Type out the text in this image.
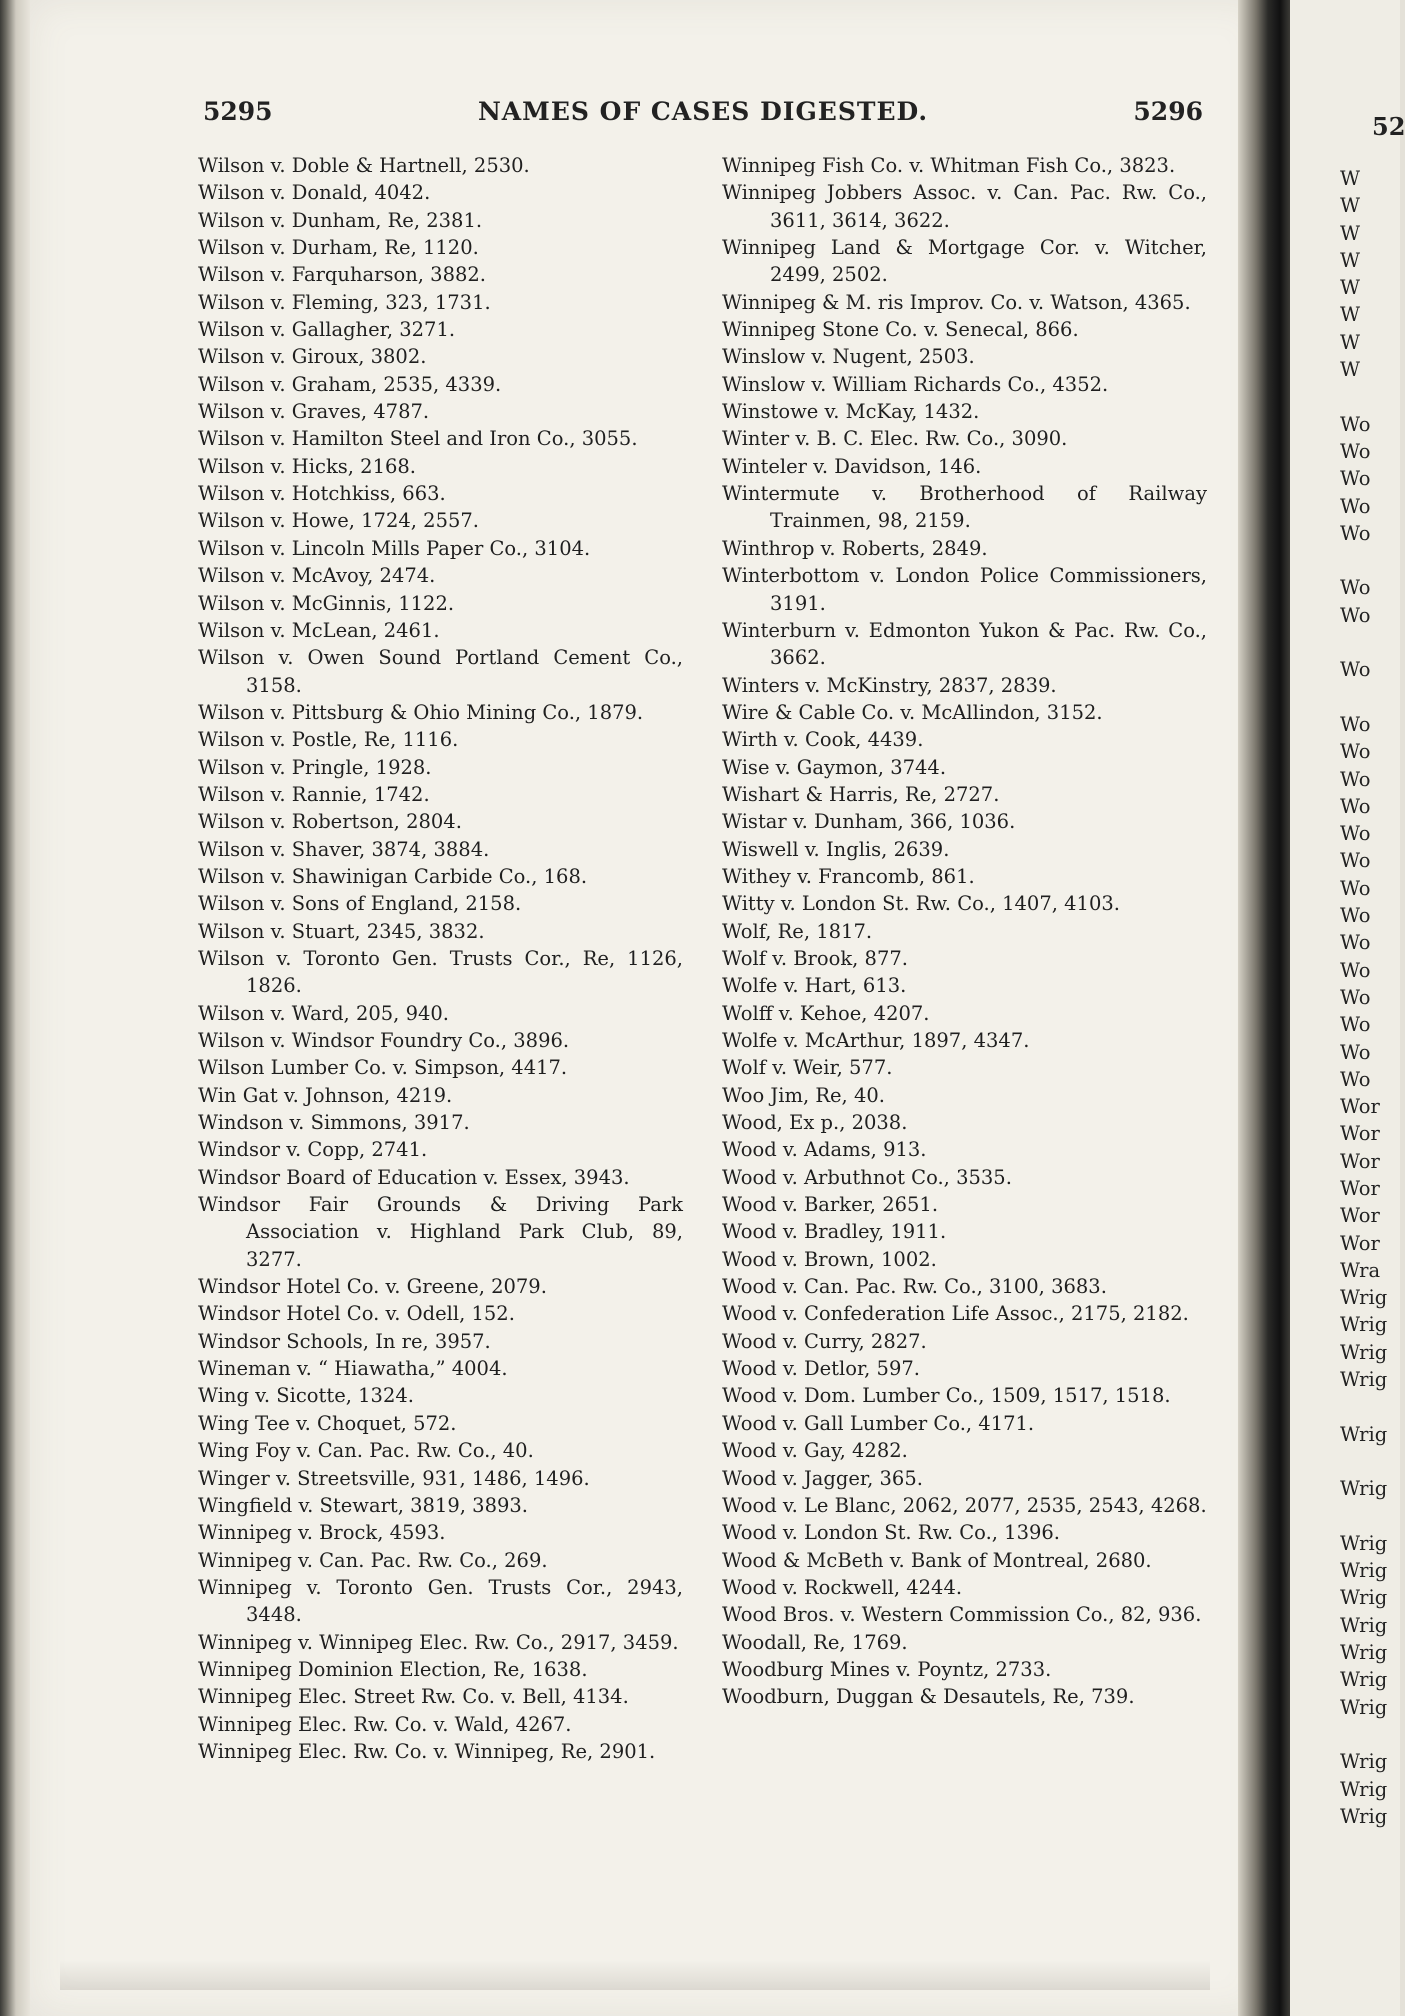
5295	NAMES OF CASES DIGESTED.	5296
Wilson v. Doble & Hartnell, 2530.
Wilson v. Donald, 4042.
Wilson v. Dunham, Re, 2381.
Wilson v. Durham, Re, 1120.
Wilson v. Farquharson, 3882.
Wilson v. Fleming, 323, 1731.
Wilson v. Gallagher, 3271.
Wilson v. Giroux, 3802.
Wilson v. Graham, 2535, 4339.
Wilson v. Graves, 4787.
Wilson v. Hamilton Steel and Iron Co., 3055.
Wilson v. Hicks, 2168.
Wilson v. Hotchkiss, 663.
Wilson v. Howe, 1724, 2557.
Wilson v. Lincoln Mills Paper Co., 3104.
Wilson v. McAvoy, 2474.
Wilson v. McGinnis, 1122.
Wilson v. McLean, 2461.
Wilson v. Owen Sound Portland Cement Co., 3158.
Wilson v. Pittsburg & Ohio Mining Co., 1879.
Wilson v. Postle, Re, 1116.
Wilson v. Pringle, 1928.
Wilson v. Rannie, 1742.
Wilson v. Robertson, 2804.
Wilson v. Shaver, 3874, 3884.
Wilson v. Shawinigan Carbide Co., 168.
Wilson v. Sons of England, 2158.
Wilson v. Stuart, 2345, 3832.
Wilson v. Toronto Gen. Trusts Cor., Re, 1126, 1826.
Wilson v. Ward, 205, 940.
Wilson v. Windsor Foundry Co., 3896.
Wilson Lumber Co. v. Simpson, 4417.
Win Gat v. Johnson, 4219.
Windson v. Simmons, 3917.
Windsor v. Copp, 2741.
Windsor Board of Education v. Essex, 3943.
Windsor Fair Grounds & Driving Park Association v. Highland Park Club, 89, 3277.
Windsor Hotel Co. v. Greene, 2079.
Windsor Hotel Co. v. Odell, 152.
Windsor Schools, In re, 3957.
Wineman v. “ Hiawatha,” 4004.
Wing v. Sicotte, 1324.
Wing Tee v. Choquet, 572.
Wing Foy v. Can. Pac. Rw. Co., 40.
Winger v. Streetsville, 931, 1486, 1496.
Wingfield v. Stewart, 3819, 3893.
Winnipeg v. Brock, 4593.
Winnipeg v. Can. Pac. Rw. Co., 269.
Winnipeg v. Toronto Gen. Trusts Cor., 2943, 3448.
Winnipeg v. Winnipeg Elec. Rw. Co., 2917, 3459.
Winnipeg Dominion Election, Re, 1638.
Winnipeg Elec. Street Rw. Co. v. Bell, 4134.
Winnipeg Elec. Rw. Co. v. Wald, 4267.
Winnipeg Elec. Rw. Co. v. Winnipeg, Re, 2901.
Winnipeg Fish Co. v. Whitman Fish Co., 3823.
Winnipeg Jobbers Assoc. v. Can. Pac. Rw. Co., 3611, 3614, 3622.
Winnipeg Land & Mortgage Cor. v. Witcher, 2499, 2502.
Winnipeg & M. ris Improv. Co. v. Watson, 4365.
Winnipeg Stone Co. v. Senecal, 866.
Winslow v. Nugent, 2503.
Winslow v. William Richards Co., 4352.
Winstowe v. McKay, 1432.
Winter v. B. C. Elec. Rw. Co., 3090.
Winteler v. Davidson, 146.
Wintermute v. Brotherhood of Railway Trainmen, 98, 2159.
Winthrop v. Roberts, 2849.
Winterbottom v. London Police Commissioners, 3191.
Winterburn v. Edmonton Yukon & Pac. Rw. Co., 3662.
Winters v. McKinstry, 2837, 2839.
Wire & Cable Co. v. McAllindon, 3152.
Wirth v. Cook, 4439.
Wise v. Gaymon, 3744.
Wishart & Harris, Re, 2727.
Wistar v. Dunham, 366, 1036.
Wiswell v. Inglis, 2639.
Withey v. Francomb, 861.
Witty v. London St. Rw. Co., 1407, 4103.
Wolf, Re, 1817.
Wolf v. Brook, 877.
Wolfe v. Hart, 613.
Wolff v. Kehoe, 4207.
Wolfe v. McArthur, 1897, 4347.
Wolf v. Weir, 577.
Woo Jim, Re, 40.
Wood, Ex p., 2038.
Wood v. Adams, 913.
Wood v. Arbuthnot Co., 3535.
Wood v. Barker, 2651.
Wood v. Bradley, 1911.
Wood v. Brown, 1002.
Wood v. Can. Pac. Rw. Co., 3100, 3683.
Wood v. Confederation Life Assoc., 2175, 2182.
Wood v. Curry, 2827.
Wood v. Detlor, 597.
Wood v. Dom. Lumber Co., 1509, 1517, 1518.
Wood v. Gall Lumber Co., 4171.
Wood v. Gay, 4282.
Wood v. Jagger, 365.
Wood v. Le Blanc, 2062, 2077, 2535, 2543, 4268.
Wood v. London St. Rw. Co., 1396.
Wood & McBeth v. Bank of Montreal, 2680.
Wood v. Rockwell, 4244.
Wood Bros. v. Western Commission Co., 82, 936.
Woodall, Re, 1769.
Woodburg Mines v. Poyntz, 2733.
Woodburn, Duggan & Desautels, Re, 739.
52
W
W
W
W
W
W
W
W
Wo
Wo
Wo
Wo
Wo
Wo
Wo
Wo
Wo
Wo
Wo
Wo
Wo
Wo
Wo
Wo
Wo
Wo
Wo
Wo
Wo
Wo
Wor
Wor
Wor
Wor
Wor
Wor
Wra
Wrig
Wrig
Wrig
Wrig
Wrig
Wrig
Wrig
Wrig
Wrig
Wrig
Wrig
Wrig
Wrig
Wrig
Wrig
Wrig
